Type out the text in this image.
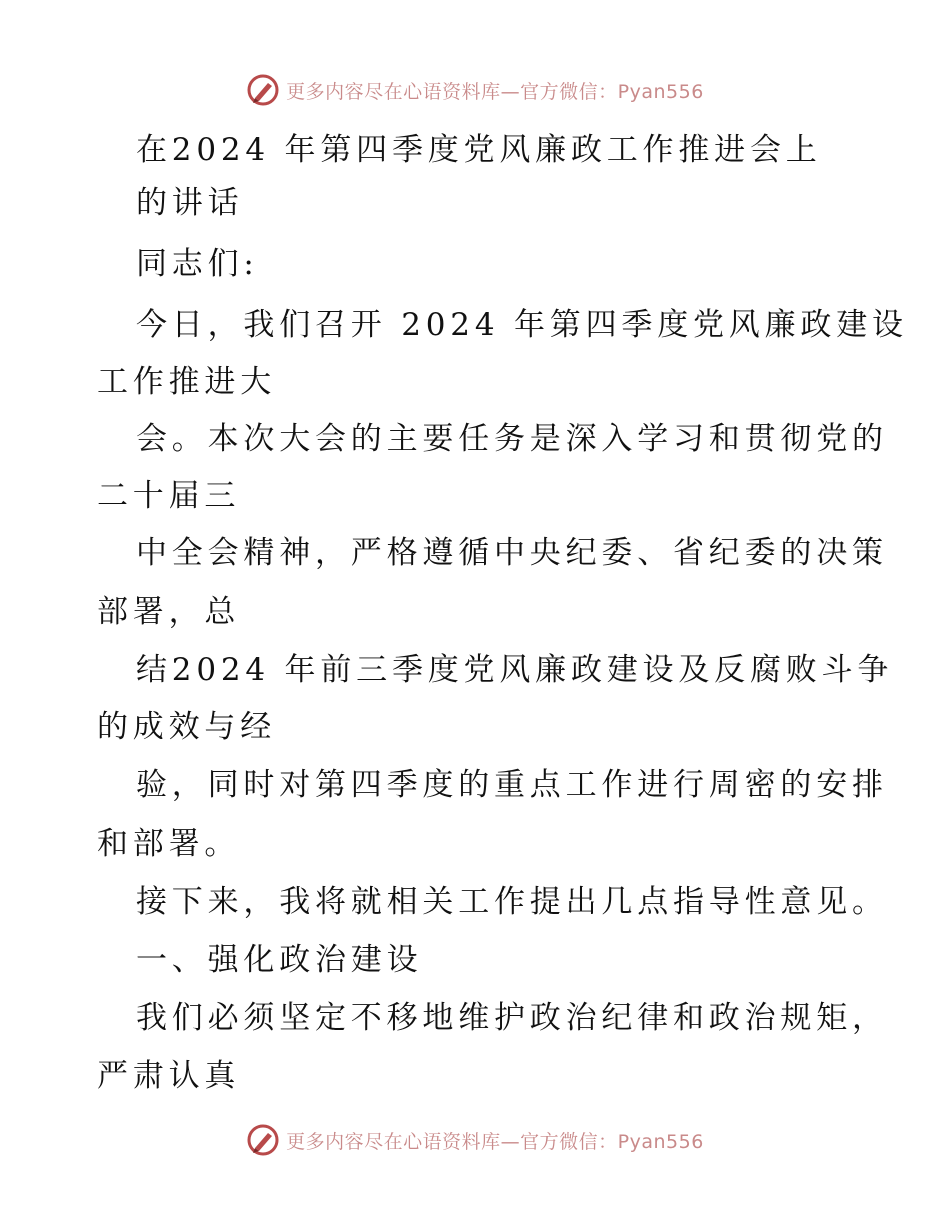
更多内容尽在心语资料库—官方微信：Pyan556
在2024 年第四季度党风廉政工作推进会上
的讲话
同志们:
今日，我们召开 2024 年第四季度党风廉政建设
工作推进大
会。本次大会的主要任务是深入学习和贯彻党的
二十届三
中全会精神，严格遵循中央纪委、省纪委的决策
部署，总
结2024 年前三季度党风廉政建设及反腐败斗争
的成效与经
验，同时对第四季度的重点工作进行周密的安排
和部署。
接下来，我将就相关工作提出几点指导性意见。
一、强化政治建设
我们必须坚定不移地维护政治纪律和政治规矩，
严肃认真
更多内容尽在心语资料库—官方微信：Pyan556
